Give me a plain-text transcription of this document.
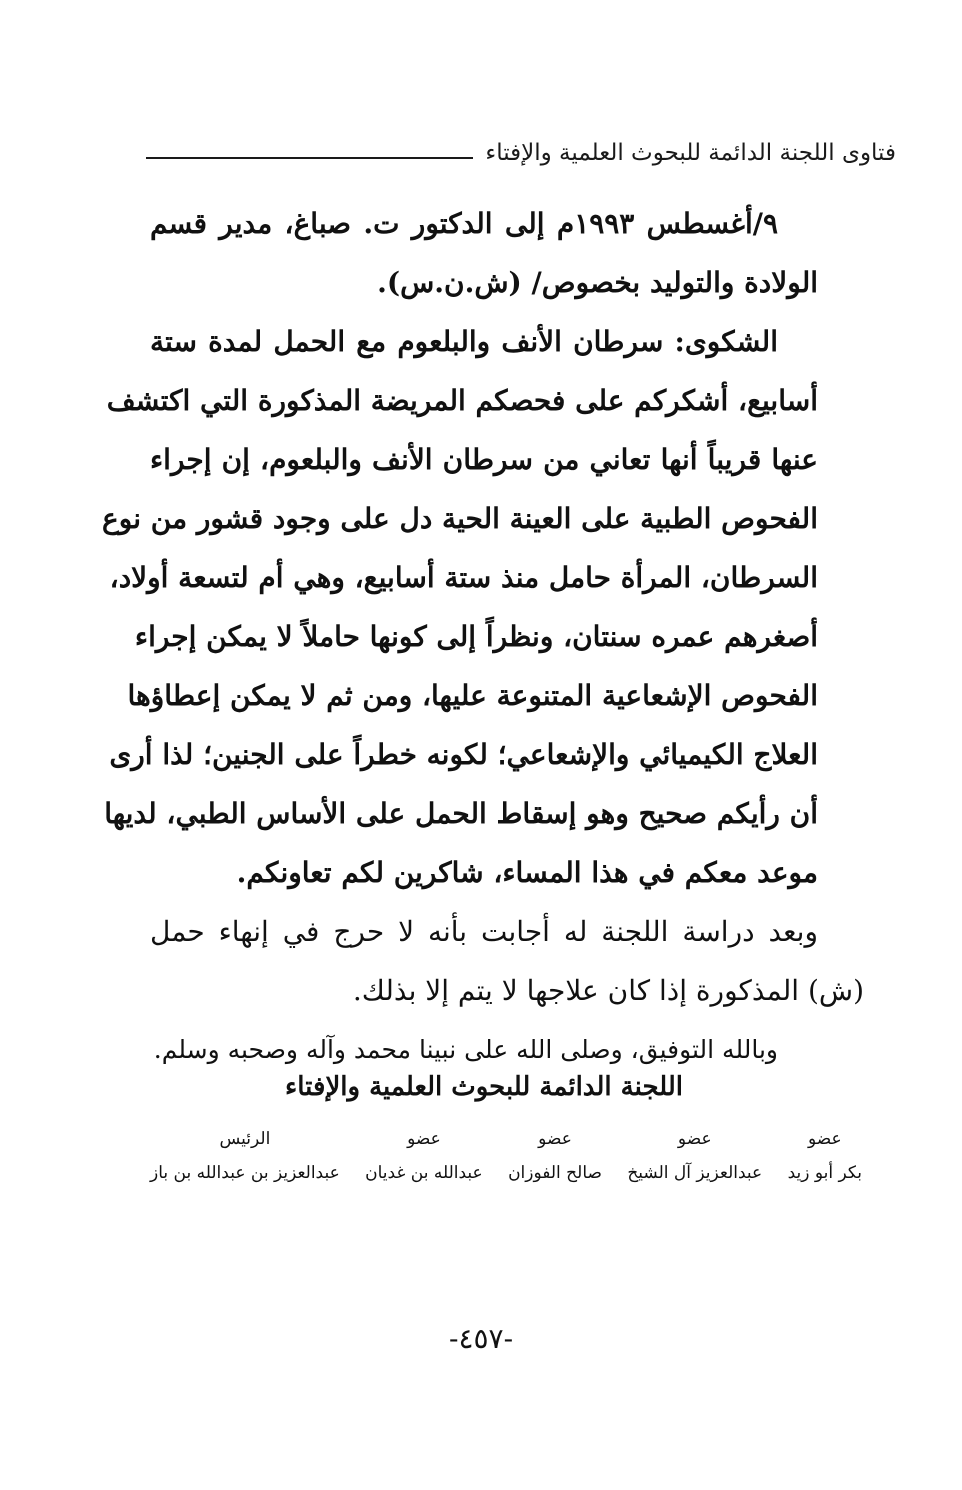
فتاوى اللجنة الدائمة للبحوث العلمية والإفتاء
٩/أغسطس ١٩٩٣م إلى الدكتور ت. صباغ، مدير قسم
الولادة والتوليد بخصوص/ (ش.ن.س).
الشكوى: سرطان الأنف والبلعوم مع الحمل لمدة ستة
أسابيع، أشكركم على فحصكم المريضة المذكورة التي اكتشف
عنها قريباً أنها تعاني من سرطان الأنف والبلعوم، إن إجراء
الفحوص الطبية على العينة الحية دل على وجود قشور من نوع
السرطان، المرأة حامل منذ ستة أسابيع، وهي أم لتسعة أولاد،
أصغرهم عمره سنتان، ونظراً إلى كونها حاملاً لا يمكن إجراء
الفحوص الإشعاعية المتنوعة عليها، ومن ثم لا يمكن إعطاؤها
العلاج الكيميائي والإشعاعي؛ لكونه خطراً على الجنين؛ لذا أرى
أن رأيكم صحيح وهو إسقاط الحمل على الأساس الطبي، لديها
موعد معكم في هذا المساء، شاكرين لكم تعاونكم.
وبعد دراسة اللجنة له أجابت بأنه لا حرج في إنهاء حمل
(ش) المذكورة إذا كان علاجها لا يتم إلا بذلك.
وبالله التوفيق، وصلى الله على نبينا محمد وآله وصحبه وسلم.
اللجنة الدائمة للبحوث العلمية والإفتاء
عضو
بكر أبو زيد
عضو
عبدالعزيز آل الشيخ
عضو
صالح الفوزان
عضو
عبدالله بن غديان
الرئيس
عبدالعزيز بن عبدالله بن باز
-٤٥٧-
